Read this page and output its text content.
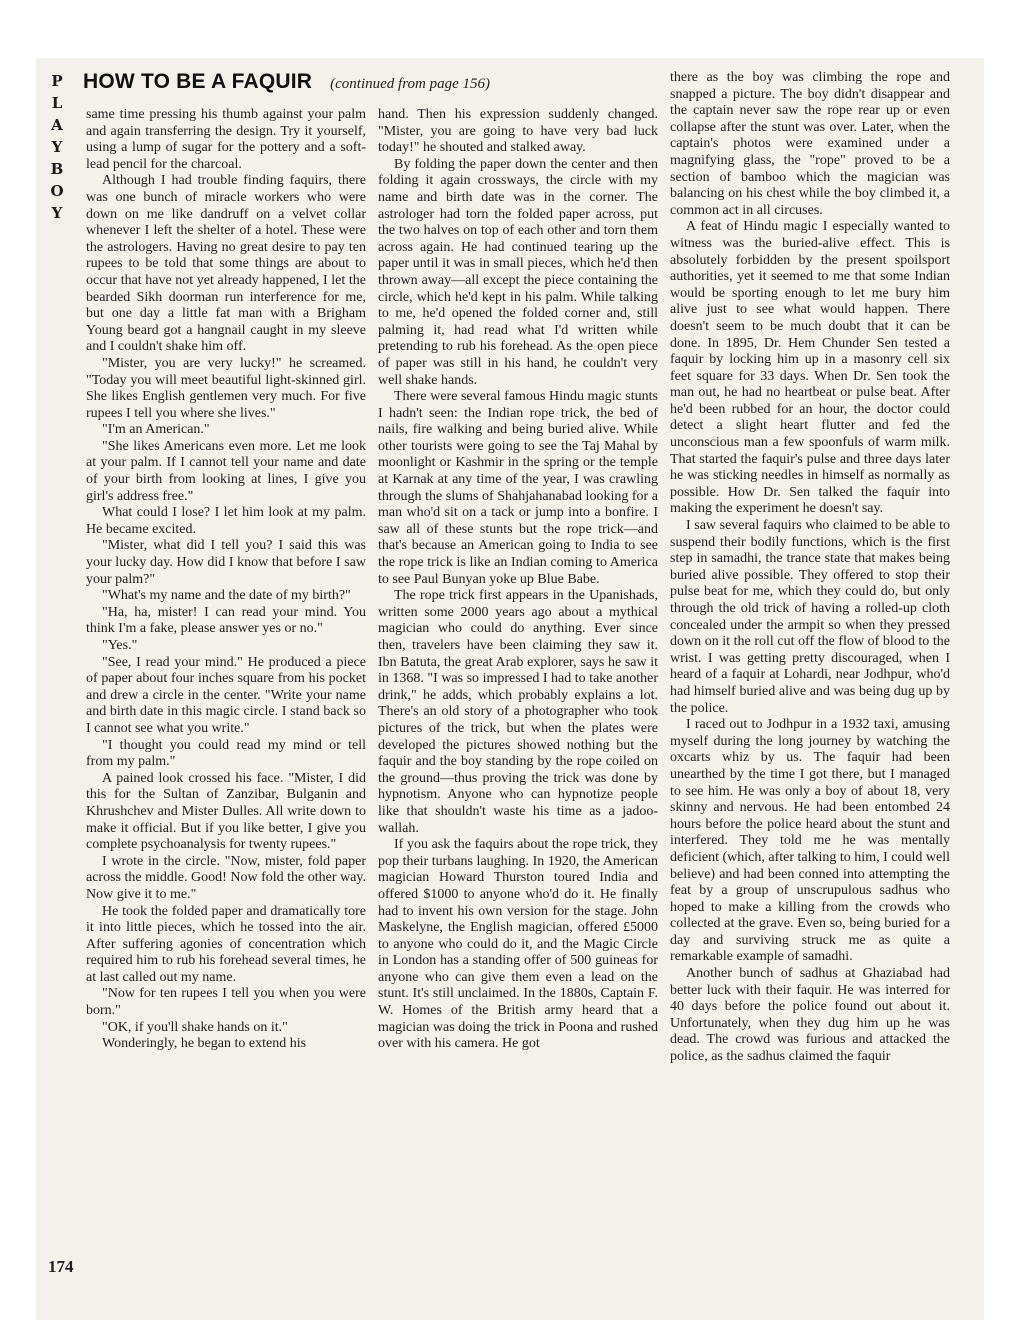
P
L
A
Y
B
O
Y
HOW TO BE A FAQUIR (continued from page 156)

same time pressing his thumb against your palm and again transferring the design. Try it yourself, using a lump of sugar for the pottery and a soft-lead pencil for the charcoal.

Although I had trouble finding faquirs, there was one bunch of miracle workers who were down on me like dandruff on a velvet collar whenever I left the shelter of a hotel. These were the astrologers. Having no great desire to pay ten rupees to be told that some things are about to occur that have not yet already happened, I let the bearded Sikh doorman run interference for me, but one day a little fat man with a Brigham Young beard got a hangnail caught in my sleeve and I couldn't shake him off.

"Mister, you are very lucky!" he screamed. "Today you will meet beautiful light-skinned girl. She likes English gentlemen very much. For five rupees I tell you where she lives."

"I'm an American."

"She likes Americans even more. Let me look at your palm. If I cannot tell your name and date of your birth from looking at lines, I give you girl's address free."

What could I lose? I let him look at my palm. He became excited.

"Mister, what did I tell you? I said this was your lucky day. How did I know that before I saw your palm?"

"What's my name and the date of my birth?"

"Ha, ha, mister! I can read your mind. You think I'm a fake, please answer yes or no."

"Yes."

"See, I read your mind." He produced a piece of paper about four inches square from his pocket and drew a circle in the center. "Write your name and birth date in this magic circle. I stand back so I cannot see what you write."

"I thought you could read my mind or tell from my palm."

A pained look crossed his face. "Mister, I did this for the Sultan of Zanzibar, Bulganin and Khrushchev and Mister Dulles. All write down to make it official. But if you like better, I give you complete psychoanalysis for twenty rupees."

I wrote in the circle. "Now, mister, fold paper across the middle. Good! Now fold the other way. Now give it to me."

He took the folded paper and dramatically tore it into little pieces, which he tossed into the air. After suffering agonies of concentration which required him to rub his forehead several times, he at last called out my name.

"Now for ten rupees I tell you when you were born."

"OK, if you'll shake hands on it."

Wonderingly, he began to extend his

hand. Then his expression suddenly changed. "Mister, you are going to have very bad luck today!" he shouted and stalked away.

By folding the paper down the center and then folding it again crossways, the circle with my name and birth date was in the corner. The astrologer had torn the folded paper across, put the two halves on top of each other and torn them across again. He had continued tearing up the paper until it was in small pieces, which he'd then thrown away—all except the piece containing the circle, which he'd kept in his palm. While talking to me, he'd opened the folded corner and, still palming it, had read what I'd written while pretending to rub his forehead. As the open piece of paper was still in his hand, he couldn't very well shake hands.

There were several famous Hindu magic stunts I hadn't seen: the Indian rope trick, the bed of nails, fire walking and being buried alive. While other tourists were going to see the Taj Mahal by moonlight or Kashmir in the spring or the temple at Karnak at any time of the year, I was crawling through the slums of Shahjahanabad looking for a man who'd sit on a tack or jump into a bonfire. I saw all of these stunts but the rope trick—and that's because an American going to India to see the rope trick is like an Indian coming to America to see Paul Bunyan yoke up Blue Babe.

The rope trick first appears in the Upanishads, written some 2000 years ago about a mythical magician who could do anything. Ever since then, travelers have been claiming they saw it. Ibn Batuta, the great Arab explorer, says he saw it in 1368. "I was so impressed I had to take another drink," he adds, which probably explains a lot. There's an old story of a photographer who took pictures of the trick, but when the plates were developed the pictures showed nothing but the faquir and the boy standing by the rope coiled on the ground—thus proving the trick was done by hypnotism. Anyone who can hypnotize people like that shouldn't waste his time as a jadoo-wallah.

If you ask the faquirs about the rope trick, they pop their turbans laughing. In 1920, the American magician Howard Thurston toured India and offered $1000 to anyone who'd do it. He finally had to invent his own version for the stage. John Maskelyne, the English magician, offered £5000 to anyone who could do it, and the Magic Circle in London has a standing offer of 500 guineas for anyone who can give them even a lead on the stunt. It's still unclaimed. In the 1880s, Captain F. W. Homes of the British army heard that a magician was doing the trick in Poona and rushed over with his camera. He got

there as the boy was climbing the rope and snapped a picture. The boy didn't disappear and the captain never saw the rope rear up or even collapse after the stunt was over. Later, when the captain's photos were examined under a magnifying glass, the "rope" proved to be a section of bamboo which the magician was balancing on his chest while the boy climbed it, a common act in all circuses.

A feat of Hindu magic I especially wanted to witness was the buried-alive effect. This is absolutely forbidden by the present spoilsport authorities, yet it seemed to me that some Indian would be sporting enough to let me bury him alive just to see what would happen. There doesn't seem to be much doubt that it can be done. In 1895, Dr. Hem Chunder Sen tested a faquir by locking him up in a masonry cell six feet square for 33 days. When Dr. Sen took the man out, he had no heartbeat or pulse beat. After he'd been rubbed for an hour, the doctor could detect a slight heart flutter and fed the unconscious man a few spoonfuls of warm milk. That started the faquir's pulse and three days later he was sticking needles in himself as normally as possible. How Dr. Sen talked the faquir into making the experiment he doesn't say.

I saw several faquirs who claimed to be able to suspend their bodily functions, which is the first step in samadhi, the trance state that makes being buried alive possible. They offered to stop their pulse beat for me, which they could do, but only through the old trick of having a rolled-up cloth concealed under the armpit so when they pressed down on it the roll cut off the flow of blood to the wrist. I was getting pretty discouraged, when I heard of a faquir at Lohardi, near Jodhpur, who'd had himself buried alive and was being dug up by the police.

I raced out to Jodhpur in a 1932 taxi, amusing myself during the long journey by watching the oxcarts whiz by us. The faquir had been unearthed by the time I got there, but I managed to see him. He was only a boy of about 18, very skinny and nervous. He had been entombed 24 hours before the police heard about the stunt and interfered. They told me he was mentally deficient (which, after talking to him, I could well believe) and had been conned into attempting the feat by a group of unscrupulous sadhus who hoped to make a killing from the crowds who collected at the grave. Even so, being buried for a day and surviving struck me as quite a remarkable example of samadhi.

Another bunch of sadhus at Ghaziabad had better luck with their faquir. He was interred for 40 days before the police found out about it. Unfortunately, when they dug him up he was dead. The crowd was furious and attacked the police, as the sadhus claimed the faquir

174
